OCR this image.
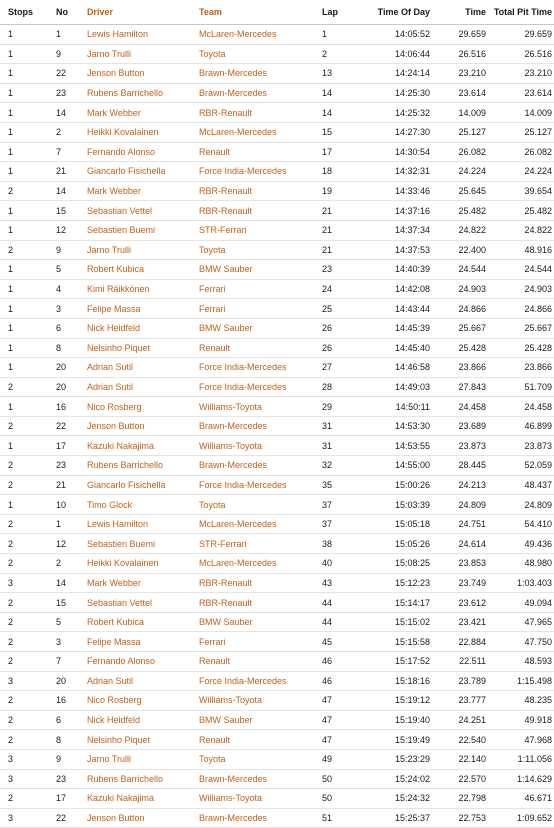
Stops	No	Driver	Team	Lap	Time Of Day	Time	Total Pit Time
1	1	Lewis Hamilton	McLaren-Mercedes	1	14:05:52	29.659	29.659
1	9	Jarno Trulli	Toyota	2	14:06:44	26.516	26.516
1	22	Jenson Button	Brawn-Mercedes	13	14:24:14	23.210	23.210
1	23	Rubens Barrichello	Brawn-Mercedes	14	14:25:30	23.614	23.614
1	14	Mark Webber	RBR-Renault	14	14:25:32	14.009	14.009
1	2	Heikki Kovalainen	McLaren-Mercedes	15	14:27:30	25.127	25.127
1	7	Fernando Alonso	Renault	17	14:30:54	26.082	26.082
1	21	Giancarlo Fisichella	Force India-Mercedes	18	14:32:31	24.224	24.224
2	14	Mark Webber	RBR-Renault	19	14:33:46	25.645	39.654
1	15	Sebastian Vettel	RBR-Renault	21	14:37:16	25.482	25.482
1	12	Sebastien Buemi	STR-Ferrari	21	14:37:34	24.822	24.822
2	9	Jarno Trulli	Toyota	21	14:37:53	22.400	48.916
1	5	Robert Kubica	BMW Sauber	23	14:40:39	24.544	24.544
1	4	Kimi Räikkönen	Ferrari	24	14:42:08	24.903	24.903
1	3	Felipe Massa	Ferrari	25	14:43:44	24.866	24.866
1	6	Nick Heidfeld	BMW Sauber	26	14:45:39	25.667	25.667
1	8	Nelsinho Piquet	Renault	26	14:45:40	25.428	25.428
1	20	Adrian Sutil	Force India-Mercedes	27	14:46:58	23.866	23.866
2	20	Adrian Sutil	Force India-Mercedes	28	14:49:03	27.843	51.709
1	16	Nico Rosberg	Williams-Toyota	29	14:50:11	24.458	24.458
2	22	Jenson Button	Brawn-Mercedes	31	14:53:30	23.689	46.899
1	17	Kazuki Nakajima	Williams-Toyota	31	14:53:55	23.873	23.873
2	23	Rubens Barrichello	Brawn-Mercedes	32	14:55:00	28.445	52.059
2	21	Giancarlo Fisichella	Force India-Mercedes	35	15:00:26	24.213	48.437
1	10	Timo Glock	Toyota	37	15:03:39	24.809	24.809
2	1	Lewis Hamilton	McLaren-Mercedes	37	15:05:18	24.751	54.410
2	12	Sebastien Buemi	STR-Ferrari	38	15:05:26	24.614	49.436
2	2	Heikki Kovalainen	McLaren-Mercedes	40	15:08:25	23.853	48.980
3	14	Mark Webber	RBR-Renault	43	15:12:23	23.749	1:03.403
2	15	Sebastian Vettel	RBR-Renault	44	15:14:17	23.612	49.094
2	5	Robert Kubica	BMW Sauber	44	15:15:02	23.421	47.965
2	3	Felipe Massa	Ferrari	45	15:15:58	22.884	47.750
2	7	Fernando Alonso	Renault	46	15:17:52	22.511	48.593
3	20	Adrian Sutil	Force India-Mercedes	46	15:18:16	23.789	1:15.498
2	16	Nico Rosberg	Williams-Toyota	47	15:19:12	23.777	48.235
2	6	Nick Heidfeld	BMW Sauber	47	15:19:40	24.251	49.918
2	8	Nelsinho Piquet	Renault	47	15:19:49	22.540	47.968
3	9	Jarno Trulli	Toyota	49	15:23:29	22.140	1:11.056
3	23	Rubens Barrichello	Brawn-Mercedes	50	15:24:02	22.570	1:14.629
2	17	Kazuki Nakajima	Williams-Toyota	50	15:24:32	22.798	46.671
3	22	Jenson Button	Brawn-Mercedes	51	15:25:37	22.753	1:09.652
